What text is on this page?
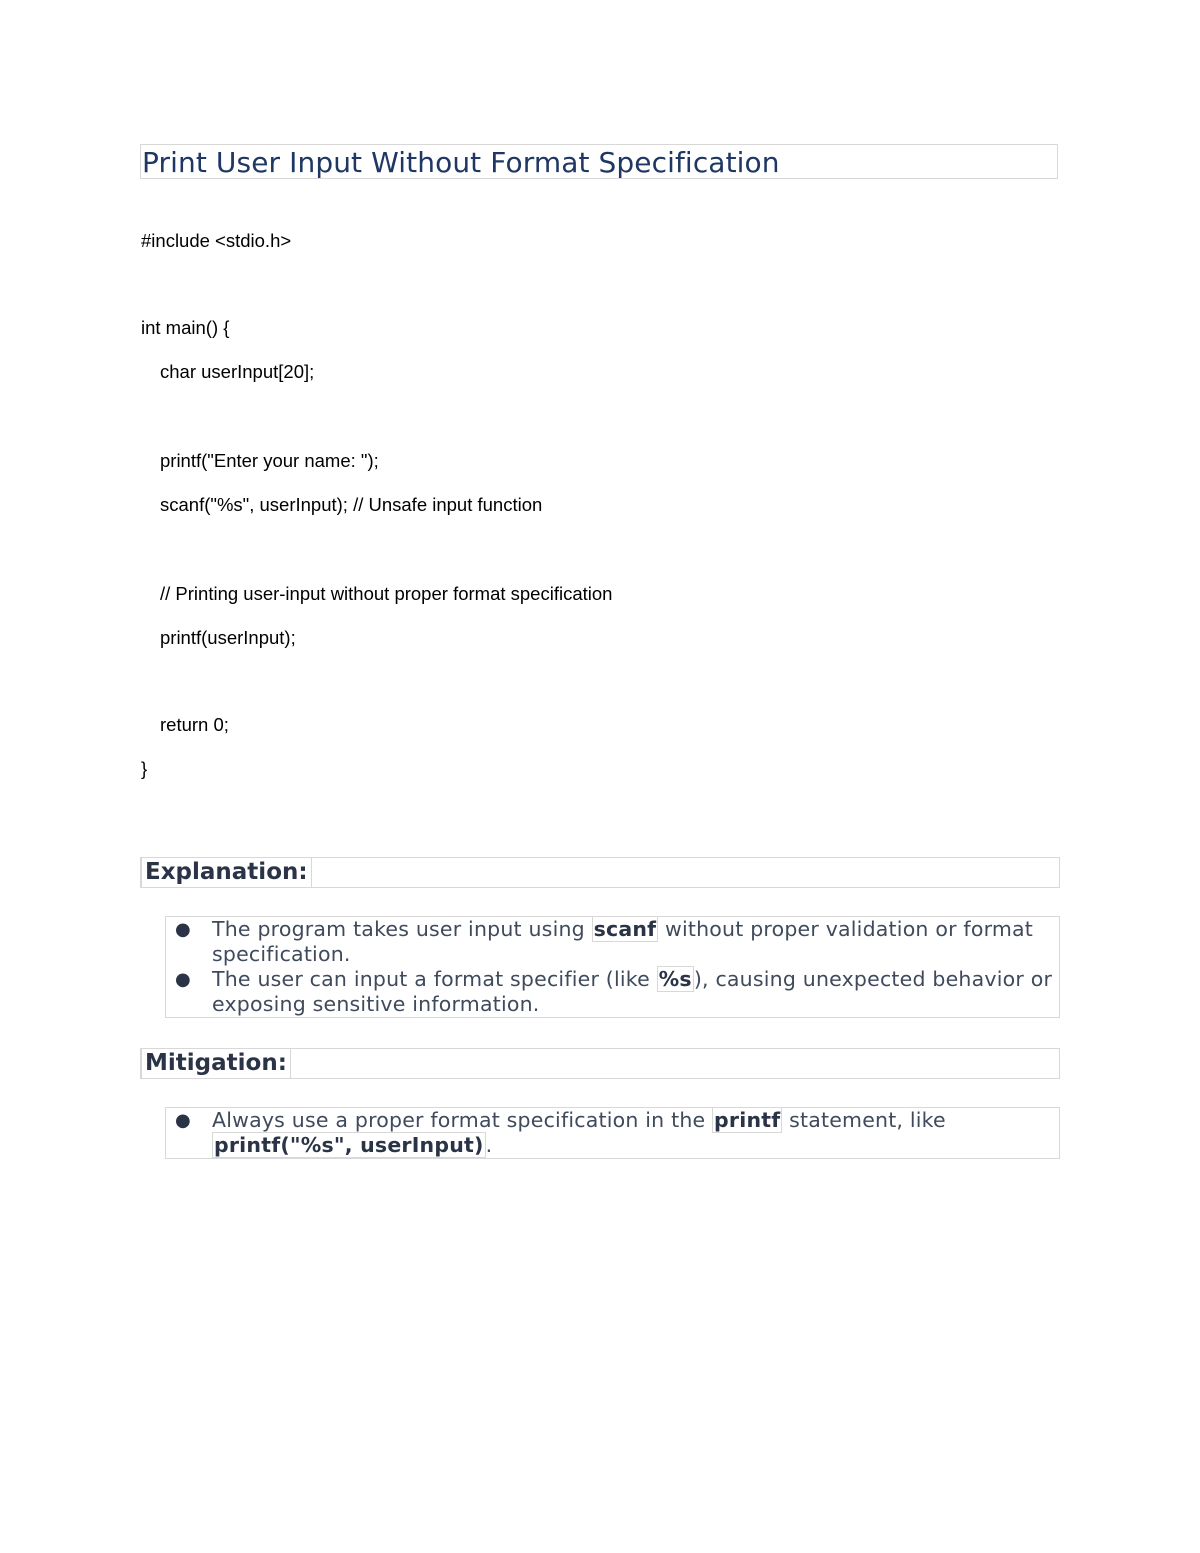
Print User Input Without Format Specification
#include <stdio.h>
int main() {
char userInput[20];
printf("Enter your name: ");
scanf("%s", userInput); // Unsafe input function
// Printing user-input without proper format specification
printf(userInput);
return 0;
}
Explanation:
● The program takes user input using scanf without proper validation or format specification.
● The user can input a format specifier (like %s), causing unexpected behavior or exposing sensitive information.
Mitigation:
● Always use a proper format specification in the printf statement, like printf("%s", userInput).
